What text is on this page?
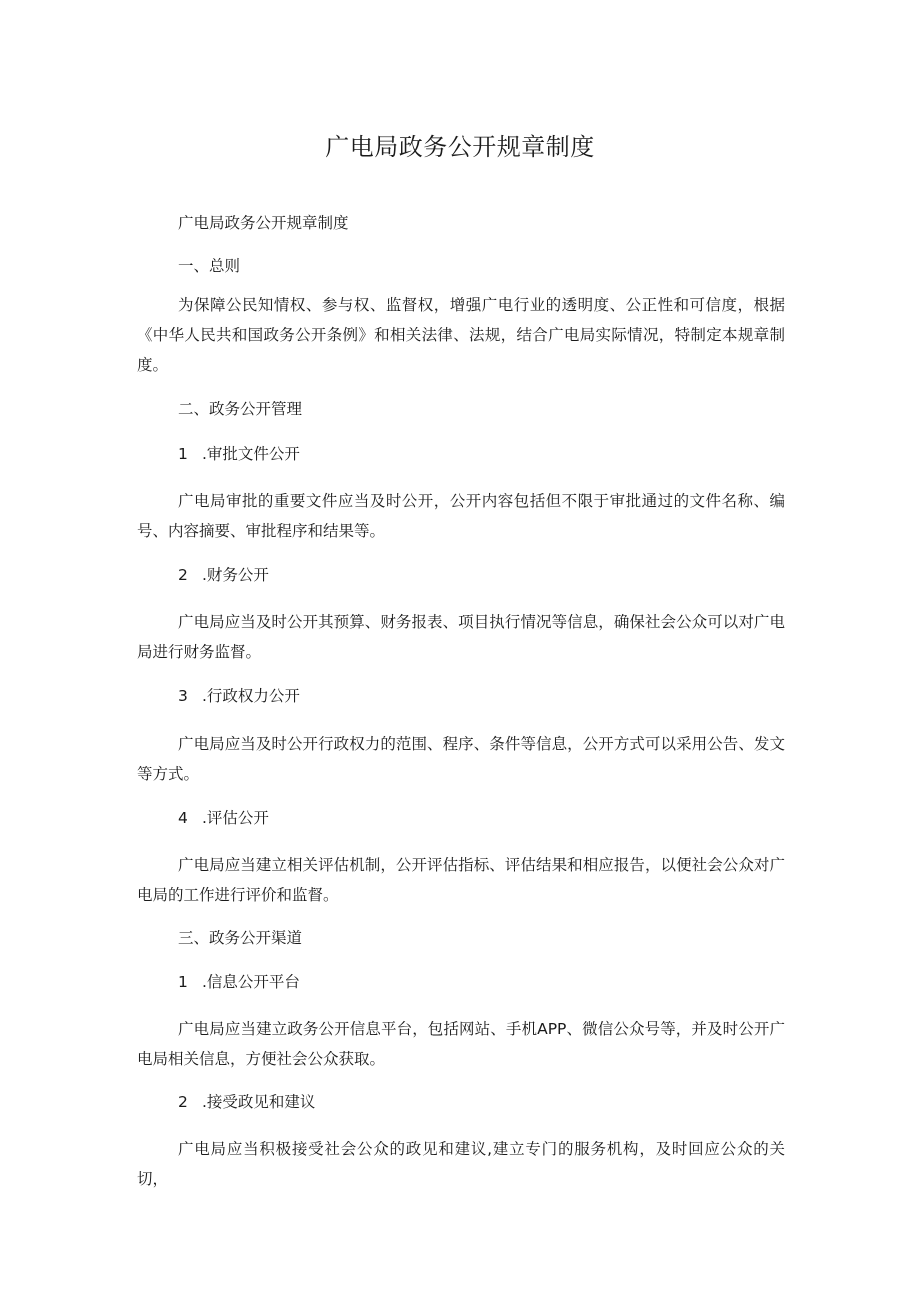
广电局政务公开规章制度

广电局政务公开规章制度

一、总则

为保障公民知情权、参与权、监督权，增强广电行业的透明度、公正性和可信度，根据《中华人民共和国政务公开条例》和相关法律、法规，结合广电局实际情况，特制定本规章制度。

二、政务公开管理

1 .审批文件公开

广电局审批的重要文件应当及时公开，公开内容包括但不限于审批通过的文件名称、编号、内容摘要、审批程序和结果等。

2 .财务公开

广电局应当及时公开其预算、财务报表、项目执行情况等信息，确保社会公众可以对广电局进行财务监督。

3 .行政权力公开

广电局应当及时公开行政权力的范围、程序、条件等信息，公开方式可以采用公告、发文等方式。

4 .评估公开

广电局应当建立相关评估机制，公开评估指标、评估结果和相应报告，以便社会公众对广电局的工作进行评价和监督。

三、政务公开渠道

1 .信息公开平台

广电局应当建立政务公开信息平台，包括网站、手机APP、微信公众号等，并及时公开广电局相关信息，方便社会公众获取。

2 .接受政见和建议

广电局应当积极接受社会公众的政见和建议,建立专门的服务机构，及时回应公众的关切，
